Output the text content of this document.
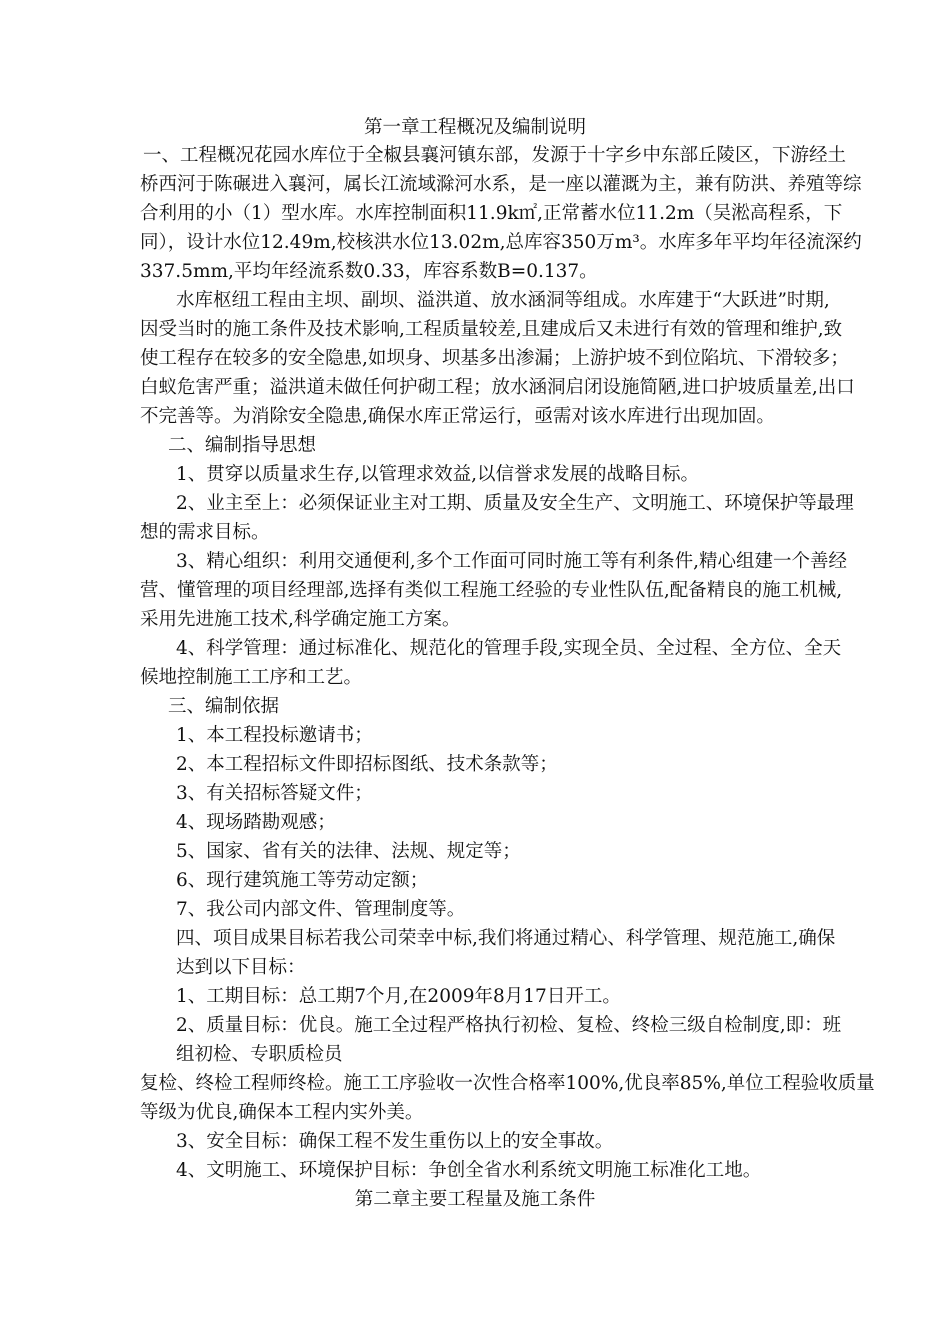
第一章工程概况及编制说明
一、工程概况花园水库位于全椒县襄河镇东部，发源于十字乡中东部丘陵区，下游经土
桥西河于陈碾进入襄河，属长江流域滁河水系，是一座以灌溉为主，兼有防洪、养殖等综
合利用的小（1）型水库。水库控制面积11.9k㎡,正常蓄水位11.2m（吴淞高程系，下
同），设计水位12.49m,校核洪水位13.02m,总库容350万m³。水库多年平均年径流深约
337.5mm,平均年经流系数0.33，库容系数B=0.137。
水库枢纽工程由主坝、副坝、溢洪道、放水涵洞等组成。水库建于“大跃进”时期,
因受当时的施工条件及技术影响,工程质量较差,且建成后又未进行有效的管理和维护,致
使工程存在较多的安全隐患,如坝身、坝基多出渗漏；上游护坡不到位陷坑、下滑较多；
白蚁危害严重；溢洪道未做任何护砌工程；放水涵洞启闭设施简陋,进口护坡质量差,出口
不完善等。为消除安全隐患,确保水库正常运行，亟需对该水库进行出现加固。
二、编制指导思想
1、贯穿以质量求生存,以管理求效益,以信誉求发展的战略目标。
2、业主至上：必须保证业主对工期、质量及安全生产、文明施工、环境保护等最理
想的需求目标。
3、精心组织：利用交通便利,多个工作面可同时施工等有利条件,精心组建一个善经
营、懂管理的项目经理部,选择有类似工程施工经验的专业性队伍,配备精良的施工机械,
采用先进施工技术,科学确定施工方案。
4、科学管理：通过标准化、规范化的管理手段,实现全员、全过程、全方位、全天
候地控制施工工序和工艺。
三、编制依据
1、本工程投标邀请书；
2、本工程招标文件即招标图纸、技术条款等；
3、有关招标答疑文件；
4、现场踏勘观感；
5、国家、省有关的法律、法规、规定等；
6、现行建筑施工等劳动定额；
7、我公司内部文件、管理制度等。
四、项目成果目标若我公司荣幸中标,我们将通过精心、科学管理、规范施工,确保
达到以下目标：
1、工期目标：总工期7个月,在2009年8月17日开工。
2、质量目标：优良。施工全过程严格执行初检、复检、终检三级自检制度,即：班
组初检、专职质检员
复检、终检工程师终检。施工工序验收一次性合格率100%,优良率85%,单位工程验收质量
等级为优良,确保本工程内实外美。
3、安全目标：确保工程不发生重伤以上的安全事故。
4、文明施工、环境保护目标：争创全省水利系统文明施工标准化工地。
第二章主要工程量及施工条件
